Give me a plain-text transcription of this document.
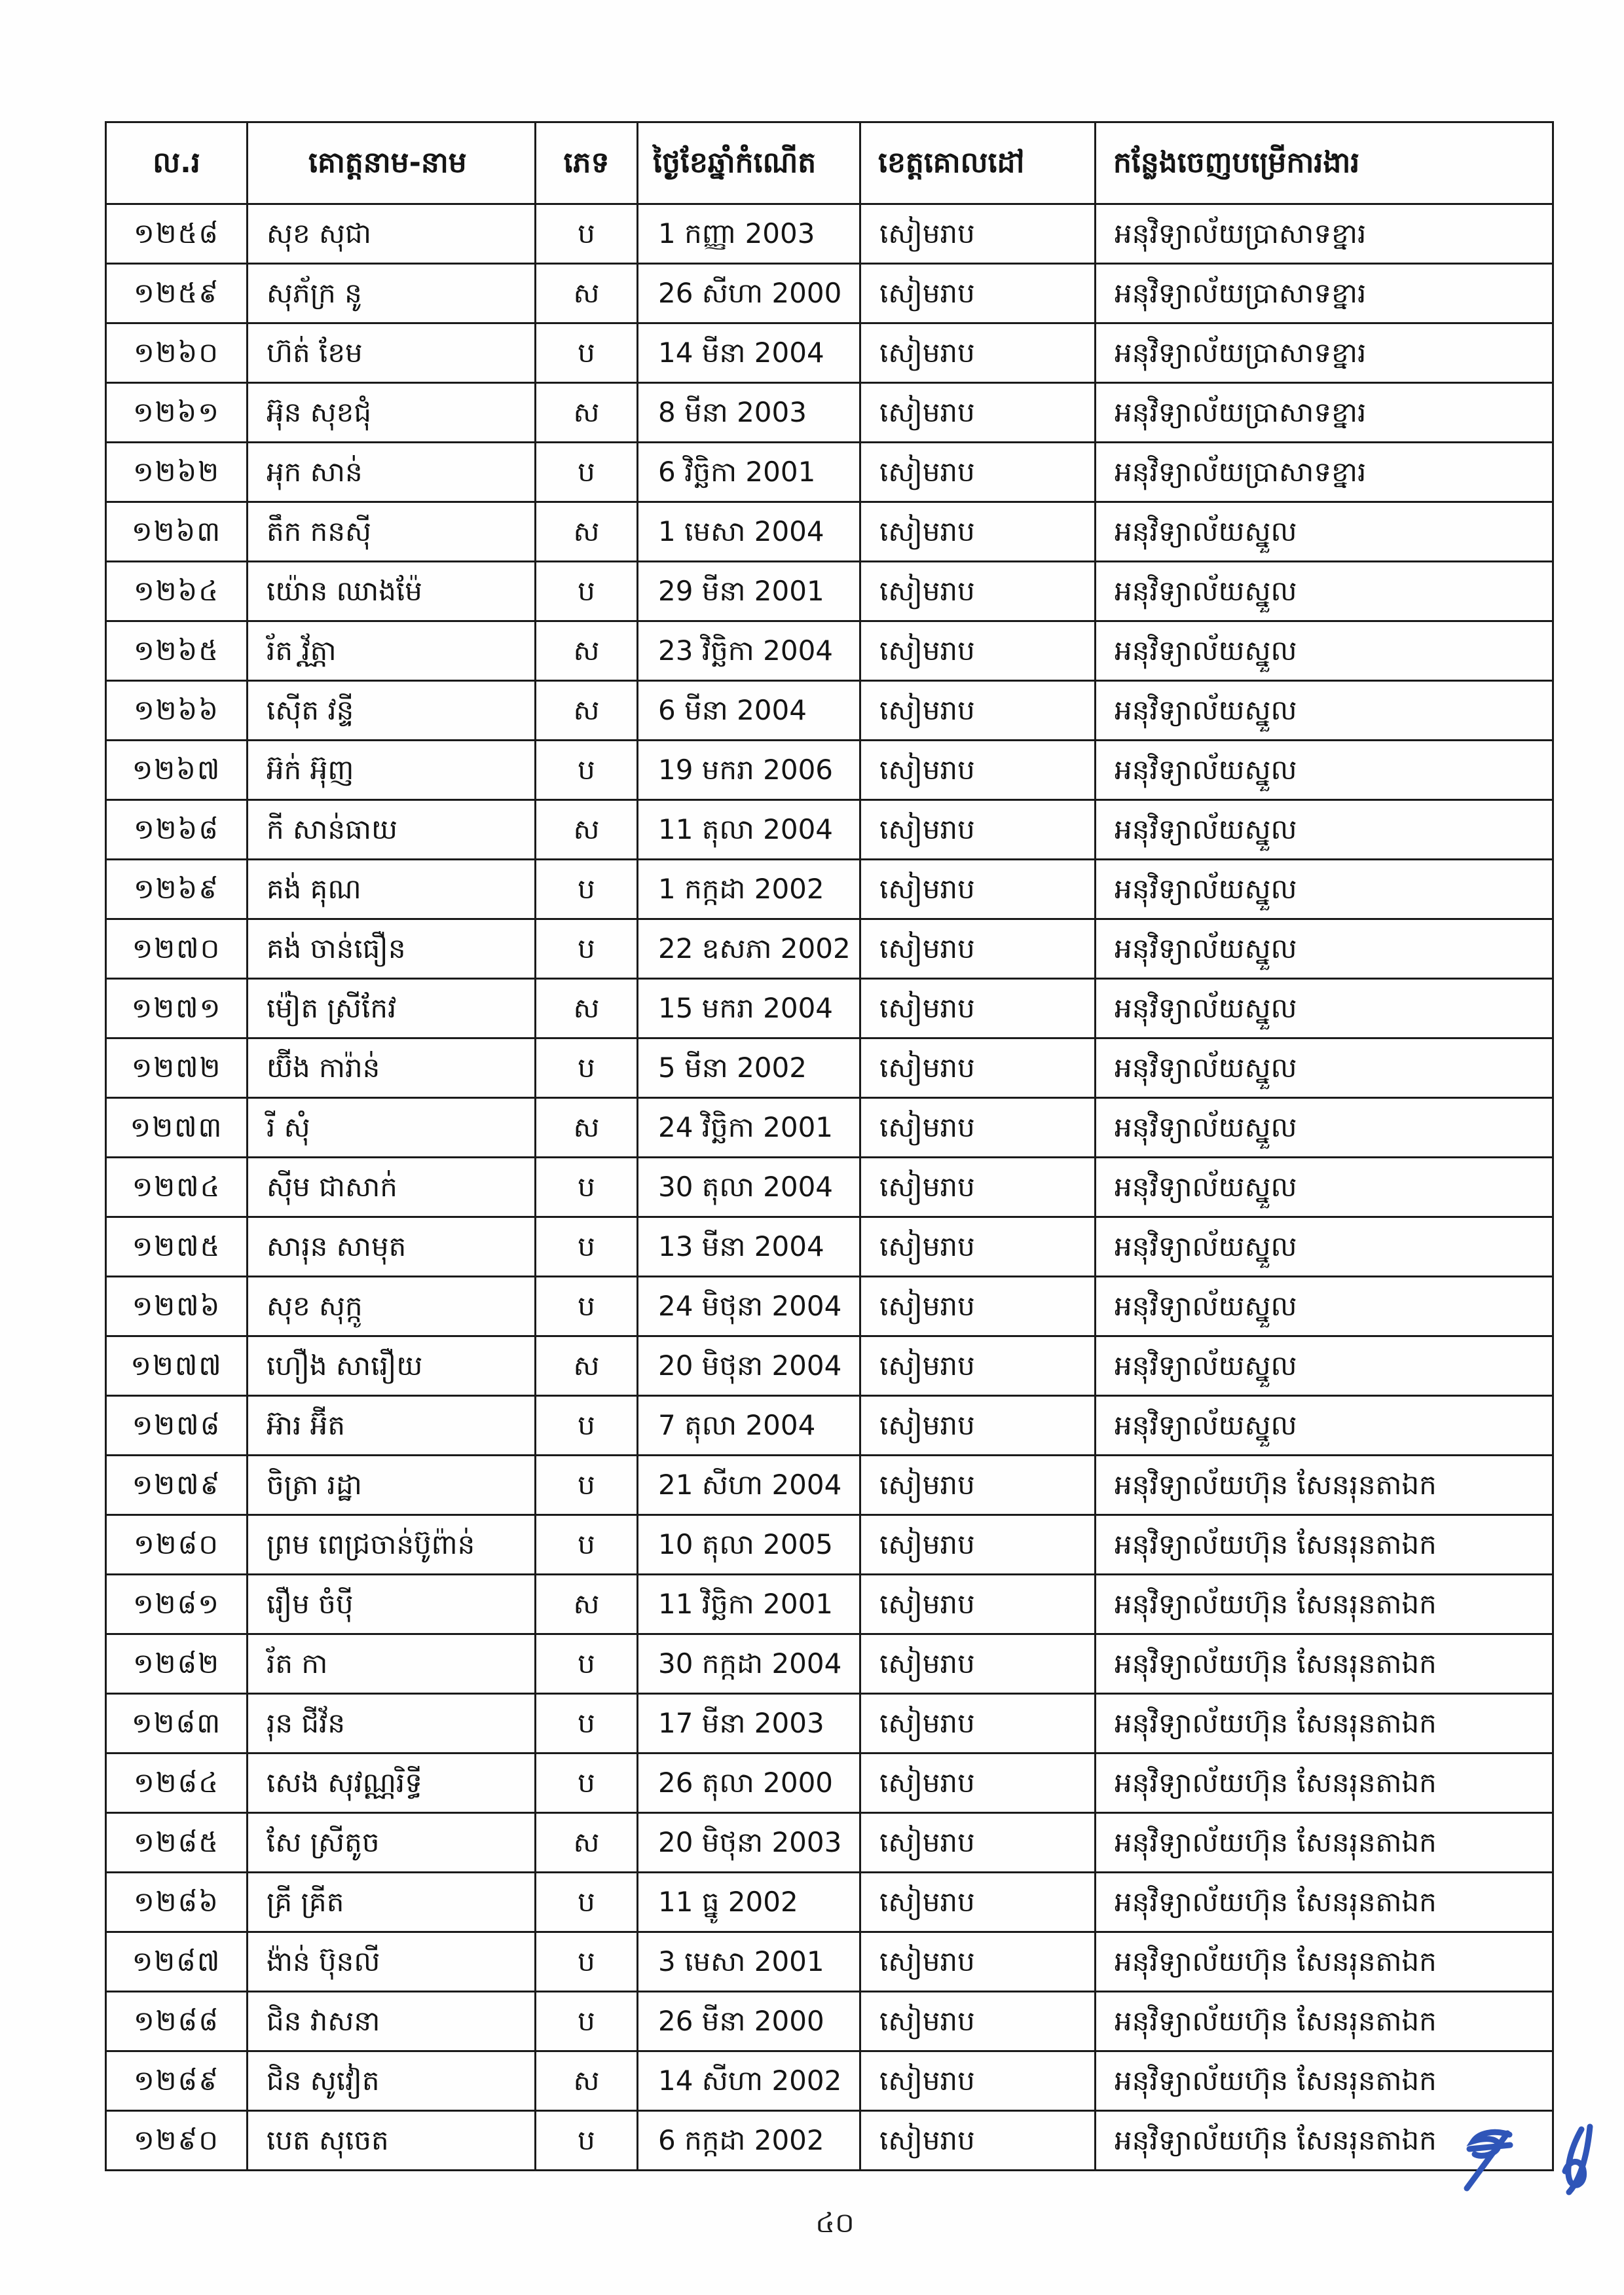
ល.រ	គោត្តនាម-នាម	ភេទ	ថ្ងៃខែឆ្នាំកំណើត	ខេត្តគោលដៅ	កន្លែងចេញបម្រើការងារ
១២៥៨	សុខ សុជា	ប	1 កញ្ញា 2003	សៀមរាប	អនុវិទ្យាល័យប្រាសាទខ្នារ
១២៥៩	សុភ័ក្រ នូ	ស	26 សីហា 2000	សៀមរាប	អនុវិទ្យាល័យប្រាសាទខ្នារ
១២៦០	ហ៊ត់ ខែម	ប	14 មីនា 2004	សៀមរាប	អនុវិទ្យាល័យប្រាសាទខ្នារ
១២៦១	អ៊ុន សុខជុំ	ស	8 មីនា 2003	សៀមរាប	អនុវិទ្យាល័យប្រាសាទខ្នារ
១២៦២	អុក សាន់	ប	6 វិច្ឆិកា 2001	សៀមរាប	អនុវិទ្យាល័យប្រាសាទខ្នារ
១២៦៣	តឹក កនសុី	ស	1 មេសា 2004	សៀមរាប	អនុវិទ្យាល័យស្នួល
១២៦៤	យ៉ោន ឈាងម៉ែ	ប	29 មីនា 2001	សៀមរាប	អនុវិទ្យាល័យស្នួល
១២៦៥	រ័ត វ័ត្ណា	ស	23 វិច្ឆិកា 2004	សៀមរាប	អនុវិទ្យាល័យស្នួល
១២៦៦	ស៊ើត វន្ទី	ស	6 មីនា 2004	សៀមរាប	អនុវិទ្យាល័យស្នួល
១២៦៧	អ៊ក់ អ៊ុញ	ប	19 មករា 2006	សៀមរាប	អនុវិទ្យាល័យស្នួល
១២៦៨	កី សាន់ធាយ	ស	11 តុលា 2004	សៀមរាប	អនុវិទ្យាល័យស្នួល
១២៦៩	គង់ គុណ	ប	1 កក្កដា 2002	សៀមរាប	អនុវិទ្យាល័យស្នួល
១២៧០	គង់ ចាន់ធឿន	ប	22 ឧសភា 2002	សៀមរាប	អនុវិទ្យាល័យស្នួល
១២៧១	ម៉ៀត ស្រីកែវ	ស	15 មករា 2004	សៀមរាប	អនុវិទ្យាល័យស្នួល
១២៧២	យ៊ីង ការ៉ាន់	ប	5 មីនា 2002	សៀមរាប	អនុវិទ្យាល័យស្នួល
១២៧៣	រី សុំ	ស	24 វិច្ឆិកា 2001	សៀមរាប	អនុវិទ្យាល័យស្នួល
១២៧៤	ស៊ីម ជាសាក់	ប	30 តុលា 2004	សៀមរាប	អនុវិទ្យាល័យស្នួល
១២៧៥	សារុន សាមុត	ប	13 មីនា 2004	សៀមរាប	អនុវិទ្យាល័យស្នួល
១២៧៦	សុខ សុក្កូ	ប	24 មិថុនា 2004	សៀមរាប	អនុវិទ្យាល័យស្នួល
១២៧៧	ហឿង សារឿយ	ស	20 មិថុនា 2004	សៀមរាប	អនុវិទ្យាល័យស្នួល
១២៧៨	អ៊ារ អ៊ីត	ប	7 តុលា 2004	សៀមរាប	អនុវិទ្យាល័យស្នួល
១២៧៩	ចិត្រា រដ្ឋា	ប	21 សីហា 2004	សៀមរាប	អនុវិទ្យាល័យហ៊ុន សែនរុនតាឯក
១២៨០	ព្រម ពេជ្រចាន់ប៊ូព៉ាន់	ប	10 តុលា 2005	សៀមរាប	អនុវិទ្យាល័យហ៊ុន សែនរុនតាឯក
១២៨១	រឿម ចំប៉ី	ស	11 វិច្ឆិកា 2001	សៀមរាប	អនុវិទ្យាល័យហ៊ុន សែនរុនតាឯក
១២៨២	រ័ត កា	ប	30 កក្កដា 2004	សៀមរាប	អនុវិទ្យាល័យហ៊ុន សែនរុនតាឯក
១២៨៣	រុន ជីវ័ន	ប	17 មីនា 2003	សៀមរាប	អនុវិទ្យាល័យហ៊ុន សែនរុនតាឯក
១២៨៤	សេង សុវណ្ណរិទ្ធី	ប	26 តុលា 2000	សៀមរាប	អនុវិទ្យាល័យហ៊ុន សែនរុនតាឯក
១២៨៥	សែ ស្រីតូច	ស	20 មិថុនា 2003	សៀមរាប	អនុវិទ្យាល័យហ៊ុន សែនរុនតាឯក
១២៨៦	គ្រី គ្រីត	ប	11 ធ្នូ 2002	សៀមរាប	អនុវិទ្យាល័យហ៊ុន សែនរុនតាឯក
១២៨៧	ង៉ាន់ ប៊ុនលី	ប	3 មេសា 2001	សៀមរាប	អនុវិទ្យាល័យហ៊ុន សែនរុនតាឯក
១២៨៨	ជិន វាសនា	ប	26 មីនា 2000	សៀមរាប	អនុវិទ្យាល័យហ៊ុន សែនរុនតាឯក
១២៨៩	ជិន សូវៀត	ស	14 សីហា 2002	សៀមរាប	អនុវិទ្យាល័យហ៊ុន សែនរុនតាឯក
១២៩០	បេត សុចេត	ប	6 កក្កដា 2002	សៀមរាប	អនុវិទ្យាល័យហ៊ុន សែនរុនតាឯក
៤០
